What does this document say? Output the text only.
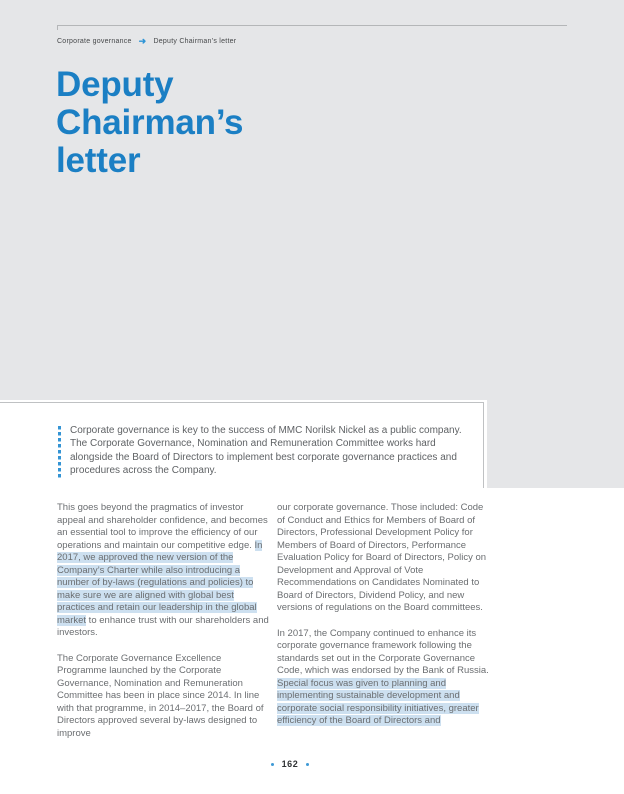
Corporate governance ➜ Deputy Chairman’s letter
Deputy
Chairman’s
letter
Corporate governance is key to the success of MMC Norilsk Nickel as a public company.
The Corporate Governance, Nomination and Remuneration Committee works hard
alongside the Board of Directors to implement best corporate governance practices and
procedures across the Company.

This goes beyond the pragmatics of investor appeal and shareholder confidence, and becomes an essential tool to improve the efficiency of our operations and maintain our competitive edge. In 2017, we approved the new version of the Company’s Charter while also introducing a number of by-laws (regulations and policies) to make sure we are aligned with global best practices and retain our leadership in the global market to enhance trust with our shareholders and investors.

The Corporate Governance Excellence Programme launched by the Corporate Governance, Nomination and Remuneration Committee has been in place since 2014. In line with that programme, in 2014–2017, the Board of Directors approved several by-laws designed to improve

our corporate governance. Those included: Code of Conduct and Ethics for Members of Board of Directors, Professional Development Policy for Members of Board of Directors, Performance Evaluation Policy for Board of Directors, Policy on Development and Approval of Vote Recommendations on Candidates Nominated to Board of Directors, Dividend Policy, and new versions of regulations on the Board committees.

In 2017, the Company continued to enhance its corporate governance framework following the standards set out in the Corporate Governance Code, which was endorsed by the Bank of Russia. Special focus was given to planning and implementing sustainable development and corporate social responsibility initiatives, greater efficiency of the Board of Directors and

162
